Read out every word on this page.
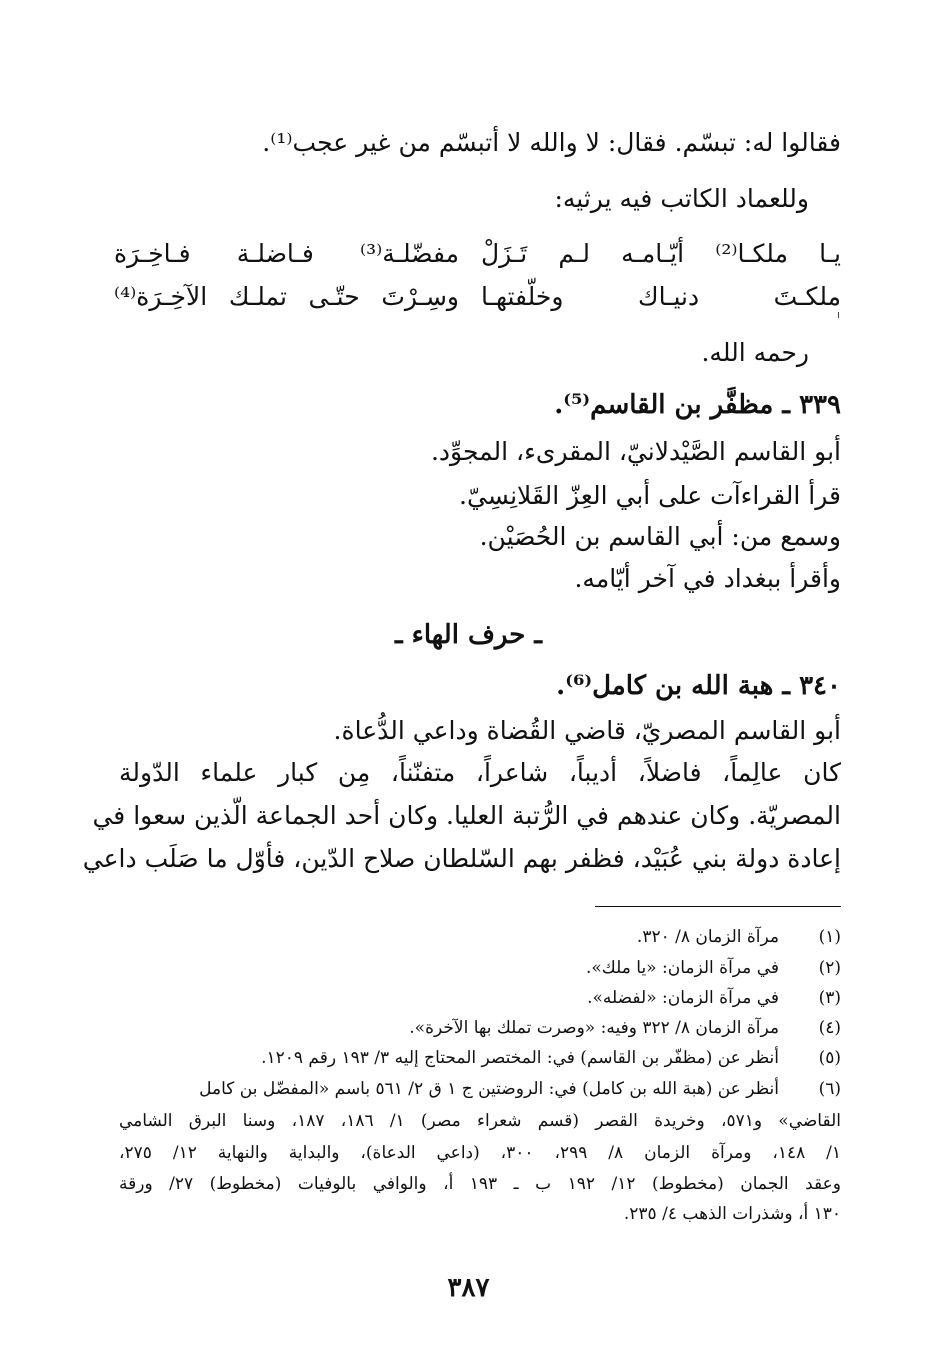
فقالوا له: تبسّم. فقال: لا والله لا أتبسّم من غير عجب⁽¹⁾.
وللعماد الكاتب فيه يرثيه:
يـا ملكـا⁽²⁾ أيّـامـه لـم تَـزَلْ
مفضّلـة⁽³⁾ فـاضلـة فـاخِـرَة
ملكـتَ دنيـاك وخلّفتهـا
وسِـرْتَ حتّـى تملـك الآخِـرَة⁽⁴⁾
رحمه الله.
٣٣٩ ـ مظفَّر بن القاسم⁽⁵⁾.
أبو القاسم الصَّيْدلانيّ، المقرىء، المجوِّد.
قرأ القراءآت على أبي العِزّ القَلانِسِيّ.
وسمع من: أبي القاسم بن الحُصَيْن.
وأقرأ ببغداد في آخر أيّامه.
ـ حرف الهاء ـ
٣٤٠ ـ هبة الله بن كامل⁽⁶⁾.
أبو القاسم المصريّ، قاضي القُضاة وداعي الدُّعاة.
كان عالِماً، فاضلاً، أديباً، شاعراً، متفنّناً، مِن كبار علماء الدّولة
المصريّة. وكان عندهم في الرُّتبة العليا. وكان أحد الجماعة الّذين سعوا في
إعادة دولة بني عُبَيْد، فظفر بهم السّلطان صلاح الدّين، فأوّل ما صَلَب داعي
(١)
مرآة الزمان ٨/ ٣٢٠.
(٢)
في مرآة الزمان: «يا ملك».
(٣)
في مرآة الزمان: «لفضله».
(٤)
مرآة الزمان ٨/ ٣٢٢ وفيه: «وصرت تملك بها الآخرة».
(٥)
أنظر عن (مظفّر بن القاسم) في: المختصر المحتاج إليه ٣/ ١٩٣ رقم ١٢٠٩.
(٦)
أنظر عن (هبة الله بن كامل) في: الروضتين ج ١ ق ٢/ ٥٦١ باسم «المفضّل بن كامل
القاضي» و٥٧١، وخريدة القصر (قسم شعراء مصر) ١/ ١٨٦، ١٨٧، وسنا البرق الشامي
١/ ١٤٨، ومرآة الزمان ٨/ ٢٩٩، ٣٠٠، (داعي الدعاة)، والبداية والنهاية ١٢/ ٢٧٥،
وعقد الجمان (مخطوط) ١٢/ ١٩٢ ب ـ ١٩٣ أ، والوافي بالوفيات (مخطوط) ٢٧/ ورقة
١٣٠ أ، وشذرات الذهب ٤/ ٢٣٥.
٣٨٧
